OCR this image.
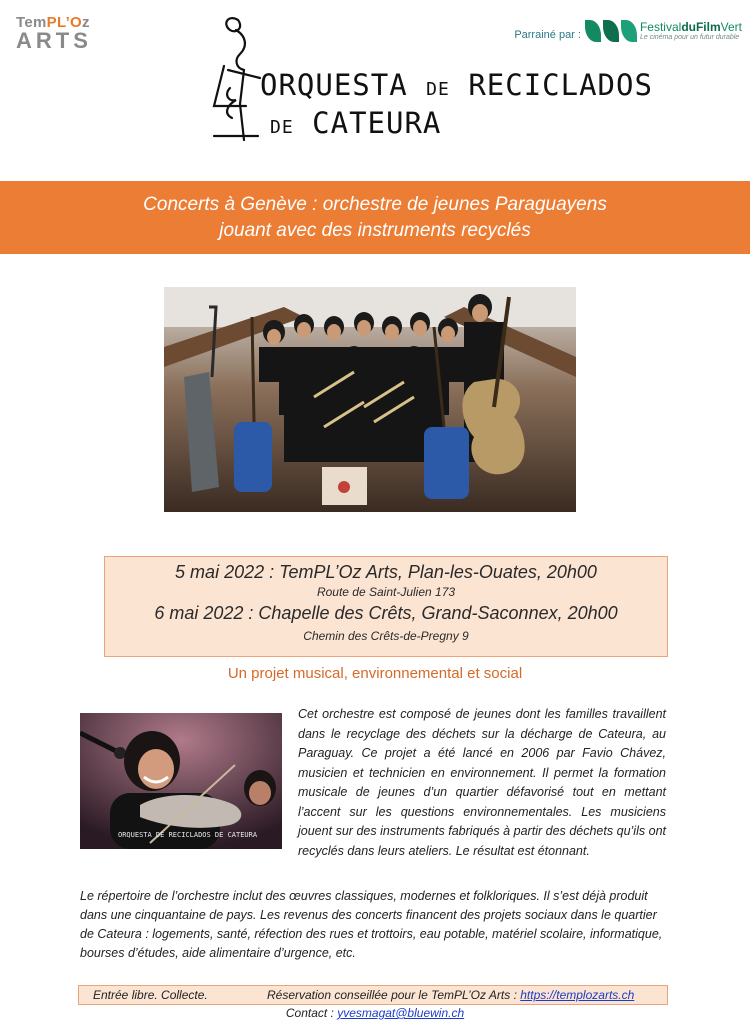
TemPL’Oz
ARTS
ORQUESTA DE RECICLADOS
DE CATEURA
Parrainé par :
FestivalduFilmVert
Le cinéma pour un futur durable
Concerts à Genève : orchestre de jeunes Paraguayens
jouant avec des instruments recyclés
5 mai 2022 : TemPL’Oz Arts, Plan-les-Ouates, 20h00
Route de Saint-Julien 173
6 mai 2022 : Chapelle des Crêts, Grand-Saconnex, 20h00
Chemin des Crêts-de-Pregny 9
Un projet musical, environnemental et social
ORQUESTA DE RECICLADOS DE CATEURA
Cet orchestre est composé de jeunes dont les familles travaillent dans le recyclage des déchets sur la décharge de Cateura, au Paraguay. Ce projet a été lancé en 2006 par Favio Chávez, musicien et technicien en environnement. Il permet la formation musicale de jeunes d’un quartier défavorisé tout en mettant l’accent sur les questions environnementales. Les musiciens jouent sur des instruments fabriqués à partir des déchets qu’ils ont recyclés dans leurs ateliers. Le résultat est étonnant.
Le répertoire de l’orchestre inclut des œuvres classiques, modernes et folkloriques. Il s’est déjà produit dans une cinquantaine de pays. Les revenus des concerts financent des projets sociaux dans le quartier de Cateura : logements, santé, réfection des rues et trottoirs, eau potable, matériel scolaire, informatique, bourses d’études, aide alimentaire d’urgence, etc.
Entrée libre. Collecte.	Réservation conseillée pour le TemPL’Oz Arts : https://templozarts.ch
Contact : yvesmagat@bluewin.ch
